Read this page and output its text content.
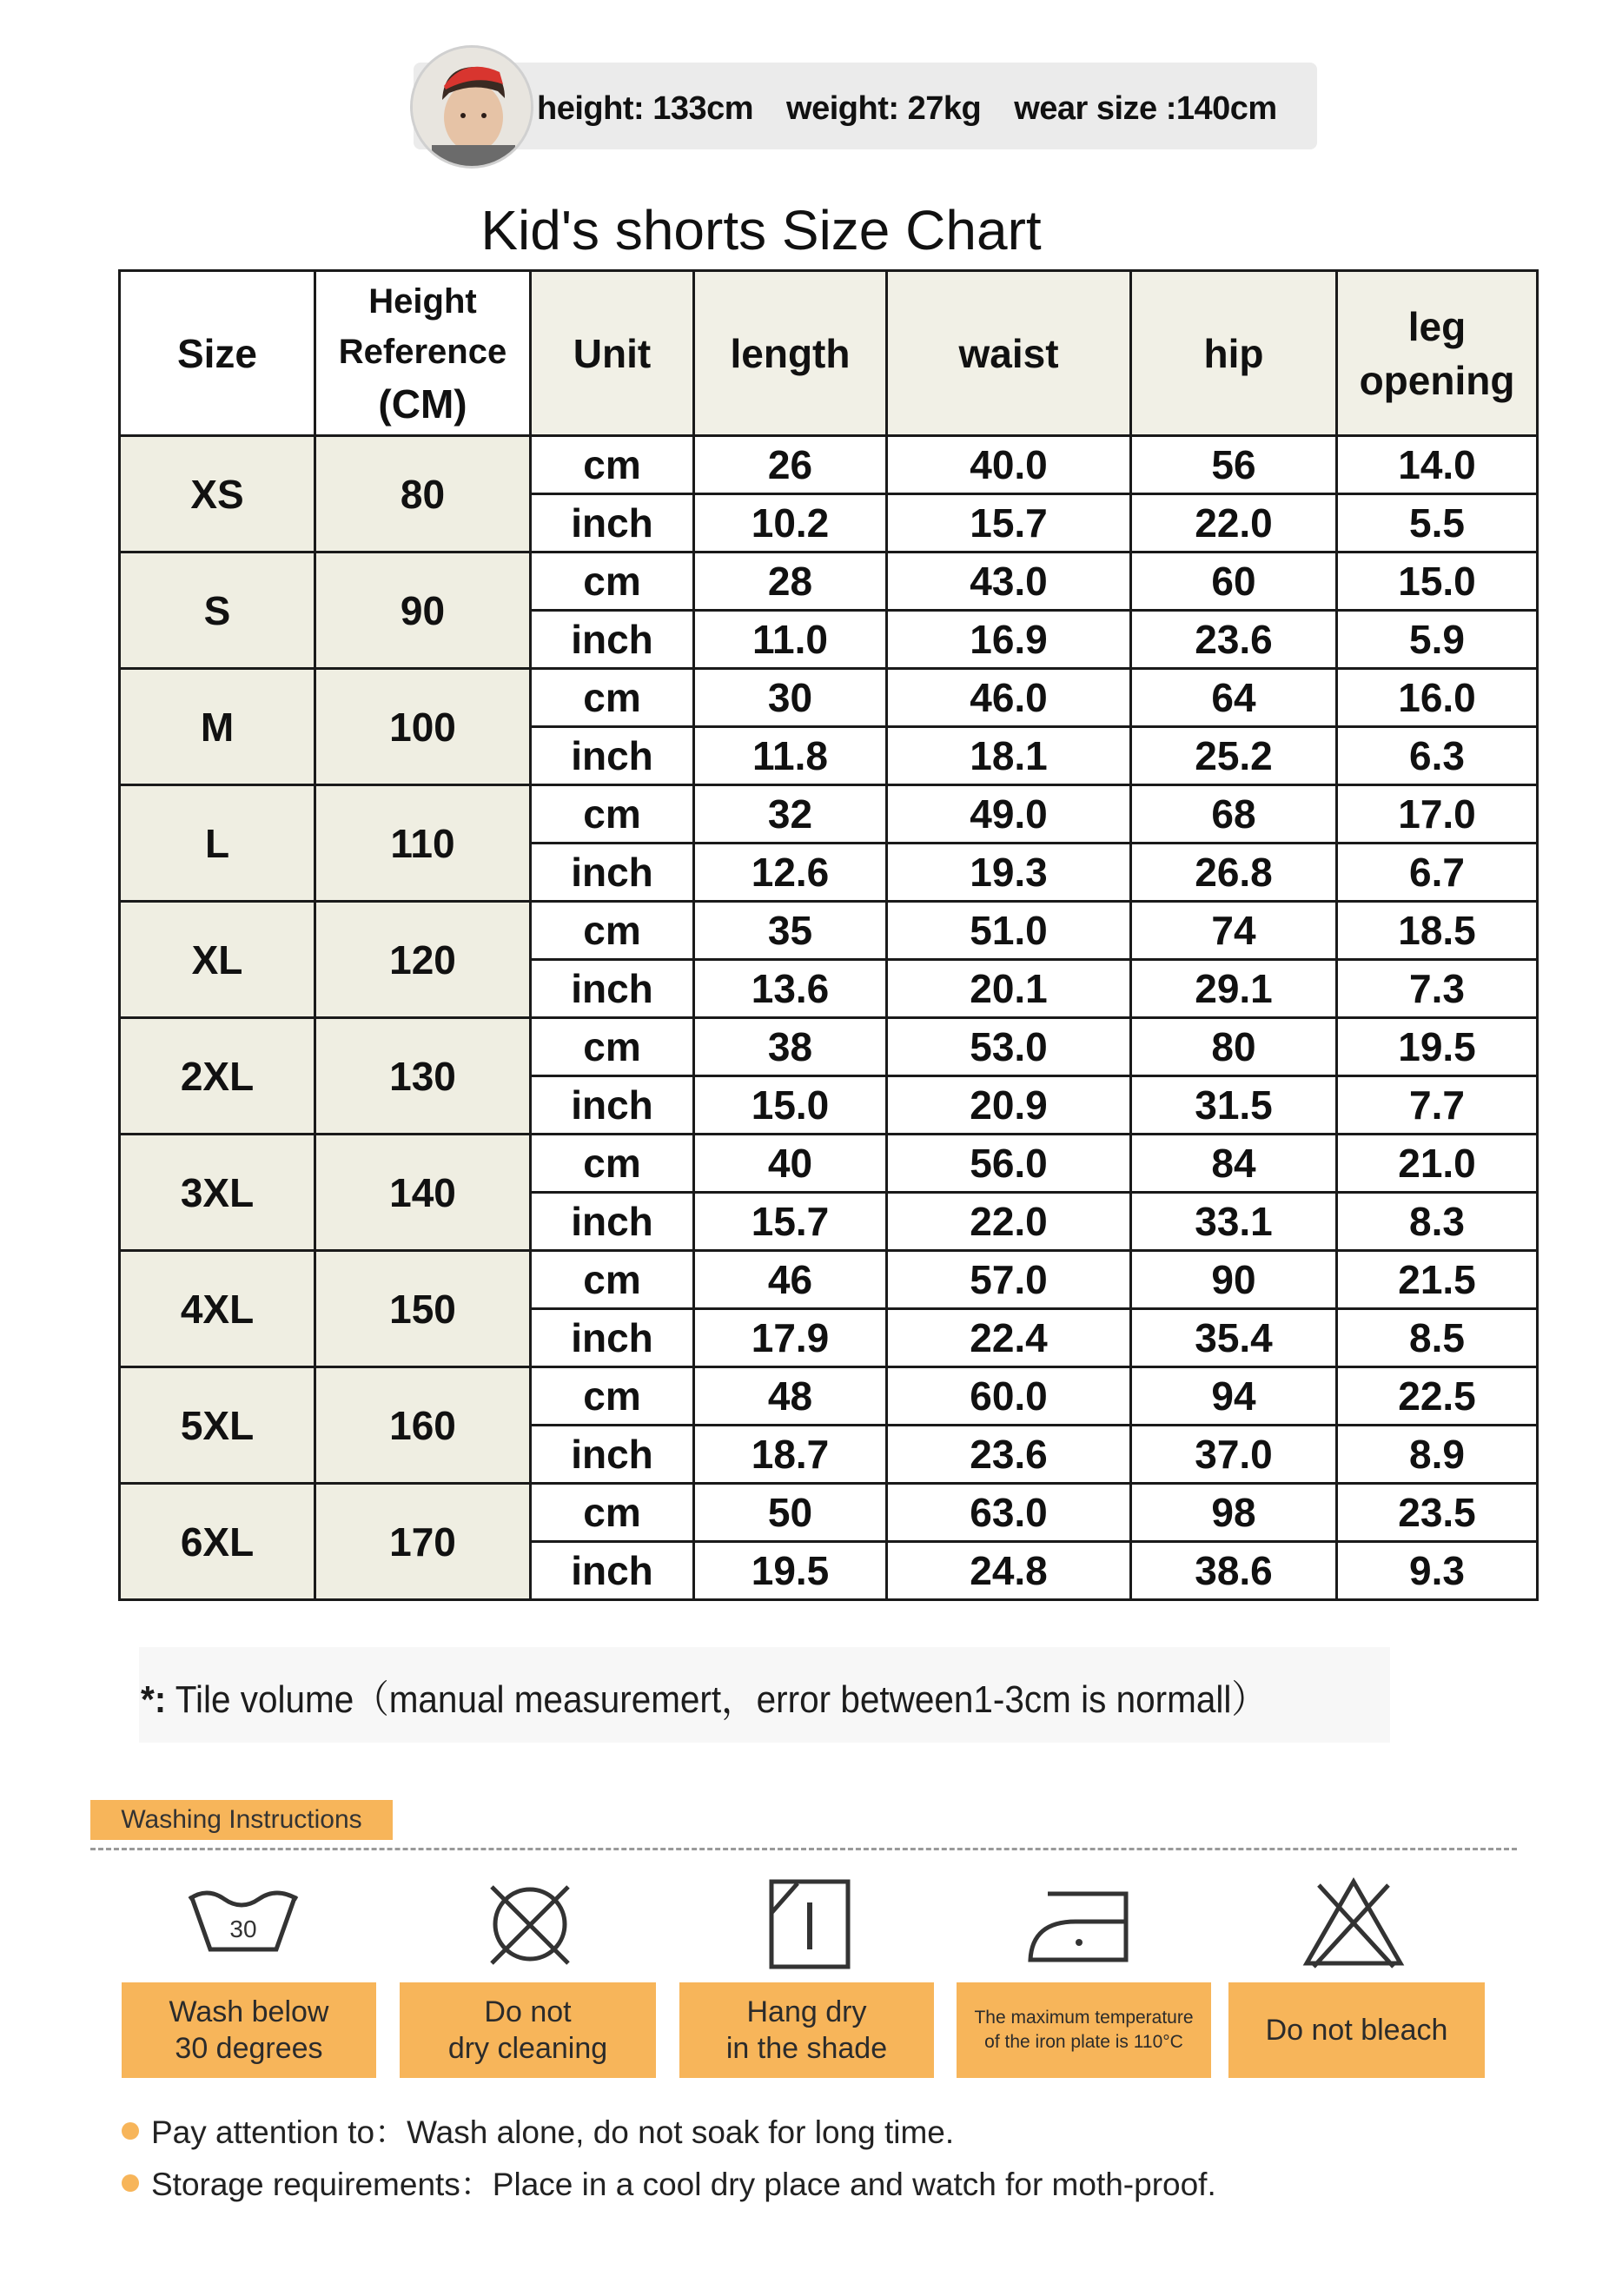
height: 133cm weight: 27kg wear size :140cm
Kid's shorts Size Chart
Size	Height
Reference
(CM)	Unit	length	waist	hip	leg
opening

XS	80	cm	26	40.0	56	14.0
		inch	10.2	15.7	22.0	5.5
S	90	cm	28	43.0	60	15.0
		inch	11.0	16.9	23.6	5.9
M	100	cm	30	46.0	64	16.0
		inch	11.8	18.1	25.2	6.3
L	110	cm	32	49.0	68	17.0
		inch	12.6	19.3	26.8	6.7
XL	120	cm	35	51.0	74	18.5
		inch	13.6	20.1	29.1	7.3
2XL	130	cm	38	53.0	80	19.5
		inch	15.0	20.9	31.5	7.7
3XL	140	cm	40	56.0	84	21.0
		inch	15.7	22.0	33.1	8.3
4XL	150	cm	46	57.0	90	21.5
		inch	17.9	22.4	35.4	8.5
5XL	160	cm	48	60.0	94	22.5
		inch	18.7	23.6	37.0	8.9
6XL	170	cm	50	63.0	98	23.5
		inch	19.5	24.8	38.6	9.3
*: Tile volume（manual measuremert，error between1-3cm is normall）
Washing Instructions
30
Wash below
30 degrees
Do not
dry cleaning
Hang dry
in the shade
The maximum temperature
of the iron plate is 110°C	Do not bleach
Pay attention to：Wash alone, do not soak for long time.
Storage requirements：Place in a cool dry place and watch for moth-proof.
